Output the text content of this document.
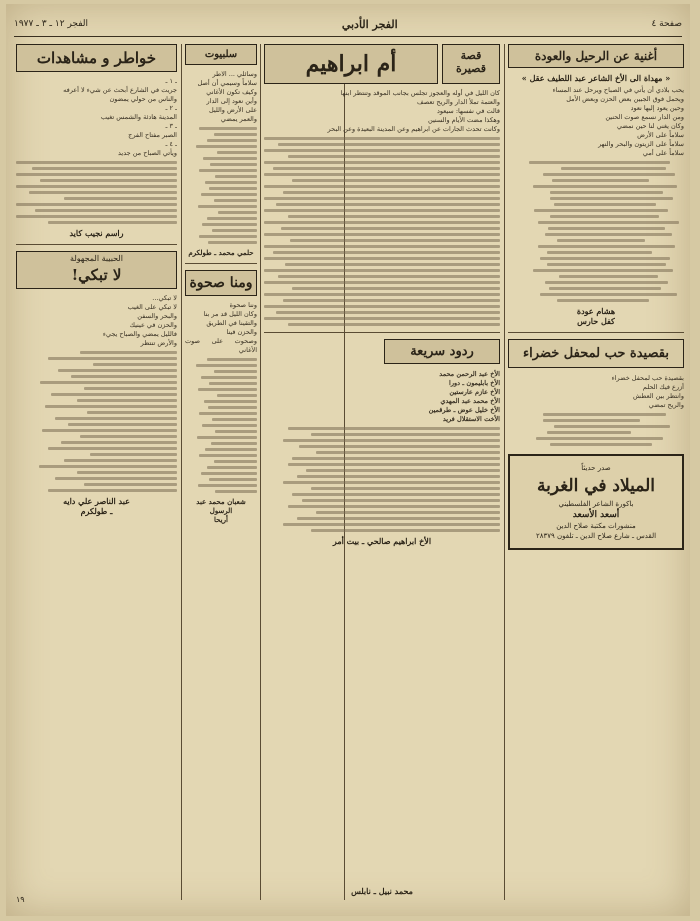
صفحة ٤
الفجر الأدبي
الفجر ١٢ ـ ٣ ـ ١٩٧٧
أغنية عن الرحيل والعودة
« مهداة الى الأخ الشاعر عبد اللطيف عقل »
يحب بلادي أن يأتي في الصباح ويرحل عند المساء
ويحمل فوق الجبين بعض الحزن وبعض الأمل
وحين يعود إليها نعود
ومن الدار نسمع صوت الحنين
وكان يغني لنا حين نمضي
سلاماً على الأرض
سلاماً على الزيتون والبحر والنهر
سلاماً على أمي
هشام عودة
كفل حارس
بقصيدة حب لمحفل خضراء
بقصيدة حب لمحفل خضراء
أزرع فيك الحلم
وانتظر بين العطش
والريح تمضي
صدر حديثاً
الميلاد في الغربة
باكورة الشاعر الفلسطيني
أسعد الأسعد
منشورات مكتبة صلاح الدين
القدس ـ شارع صلاح الدين ـ تلفون ٢٨٣٧٩
قصة قصيرة
أم ابراهيم
كان الليل في أوله والعجوز تجلس بجانب الموقد وتنتظر ابنها
والعتمة تملأ الدار والريح تعصف
قالت في نفسها: سيعود
وهكذا مضت الأيام والسنين
وكانت تحدث الجارات عن ابراهيم وعن المدينة البعيدة وعن البحر
ردود سريعة
الأخ عبد الرحمن محمد
الأخ بابليمون ـ دورا
الأخ عازم عارستين
الأخ محمد عبد المهدي
الأخ خليل عوض ـ طرقمين
الأخت الاستقلال فريد
الأخ ابراهيم صالحي ـ بيت أمر
محمد نبيل ـ نابلس
سلبيوت
وسائلي ... الاطر
سلاماً وسيمي أن أصل
وكيف تكون الأغاني
وأين نعود إلى الدار
على الأرض والليل
والعمر يمضي
حلمي محمد ـ طولكرم
ومنا صحوة
وننا صحوة
وكان الليل قد مر بنا
والتقينا في الطريق
والحزن فينا
وصحوت على صوت الأغاني
شعبان محمد عبد الرسول
أريحا
خواطر و مشاهدات
ـ ١ ـ
جريت في الشارع أبحث عن شيء لا أعرفه
والناس من حولي يمضون
ـ ٢ ـ
المدينة هادئة والشمس تغيب
ـ ٣ ـ
الصبر مفتاح الفرج
ـ ٤ ـ
ويأتي الصباح من جديد
راسم نجيب كايد
الحبيبة المجهولة
لا تبكي!
لا تبكي...
لا تبكي على الغيب
والبحر والسفن
والحزن في عينيك
فالليل يمضي والصباح يجيء
والأرض تنتظر
عبد الناصر علي دايه
ـ طولكرم
١٩
